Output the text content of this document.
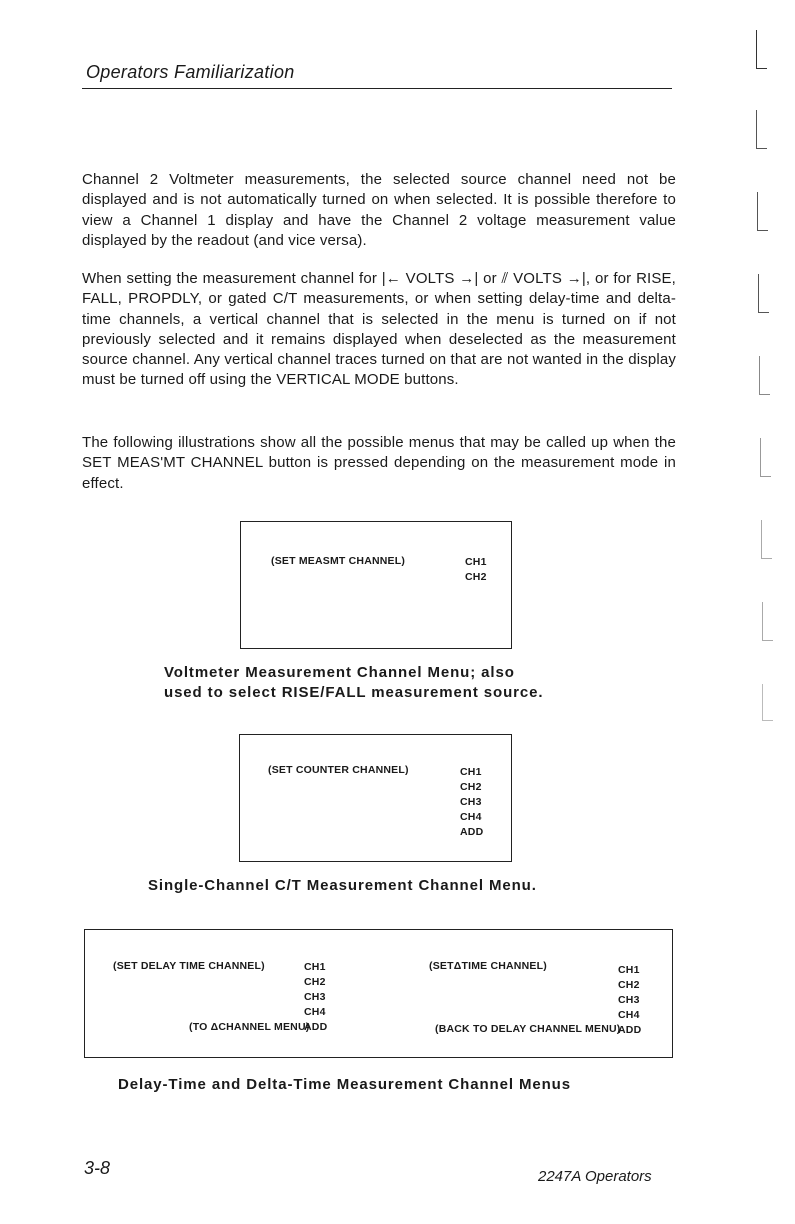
Operators Familiarization

Channel 2 Voltmeter measurements, the selected source channel need not be displayed and is not automatically turned on when selected. It is possible therefore to view a Channel 1 display and have the Channel 2 voltage measurement value displayed by the readout (and vice versa).

When setting the measurement channel for |← VOLTS →| or ⫽ VOLTS →|, or for RISE, FALL, PROPDLY, or gated C/T measurements, or when setting delay-time and delta-time channels, a vertical channel that is selected in the menu is turned on if not previously selected and it remains displayed when deselected as the measurement source channel. Any vertical channel traces turned on that are not wanted in the display must be turned off using the VERTICAL MODE buttons.

The following illustrations show all the possible menus that may be called up when the SET MEAS'MT CHANNEL button is pressed depending on the measurement mode in effect.

(SET MEASMT CHANNEL)	CH1
CH2
Voltmeter Measurement Channel Menu; also
used to select RISE/FALL measurement source.
(SET COUNTER CHANNEL)	CH1
CH2
CH3
CH4
ADD
Single-Channel C/T Measurement Channel Menu.
(SET DELAY TIME CHANNEL)	CH1
CH2
CH3
CH4
ADD
(TO ΔCHANNEL MENU)
(SETΔTIME CHANNEL)	CH1
CH2
CH3
CH4
ADD
(BACK TO DELAY CHANNEL MENU)
Delay-Time and Delta-Time Measurement Channel Menus
3-8	2247A Operators
